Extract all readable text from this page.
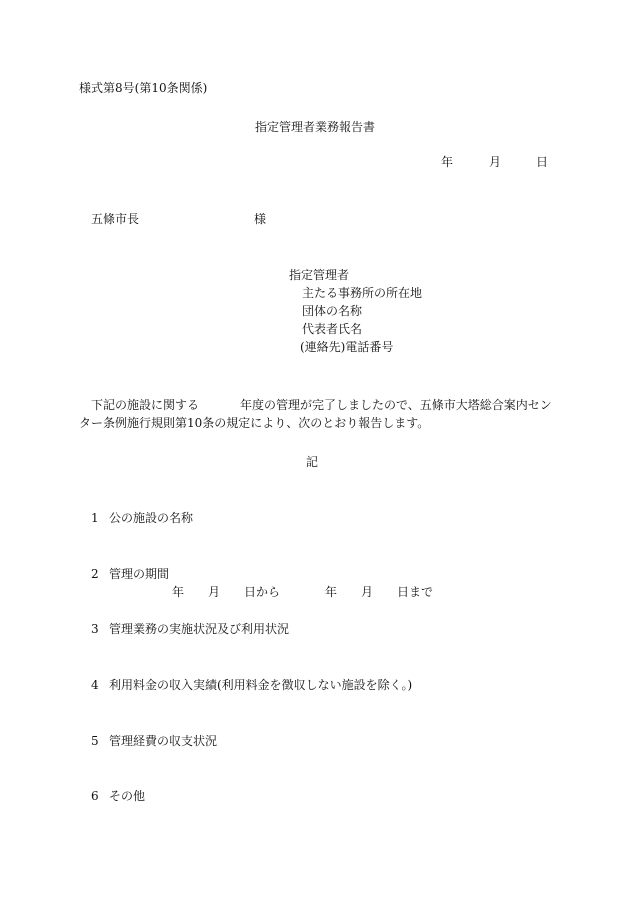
様式第8号(第10条関係)
指定管理者業務報告書
年	月	日
五條市長	様
指定管理者
主たる事務所の所在地
団体の名称
代表者氏名
(連絡先)電話番号
下記の施設に関する	年度の管理が完了しましたので、五條市大塔総合案内セン
ター条例施行規則第10条の規定により、次のとおり報告します。
記
1 公の施設の名称
2 管理の期間
年 月 日から	年 月 日まで
3 管理業務の実施状況及び利用状況
4 利用料金の収入実績(利用料金を徴収しない施設を除く。)
5 管理経費の収支状況
6 その他
